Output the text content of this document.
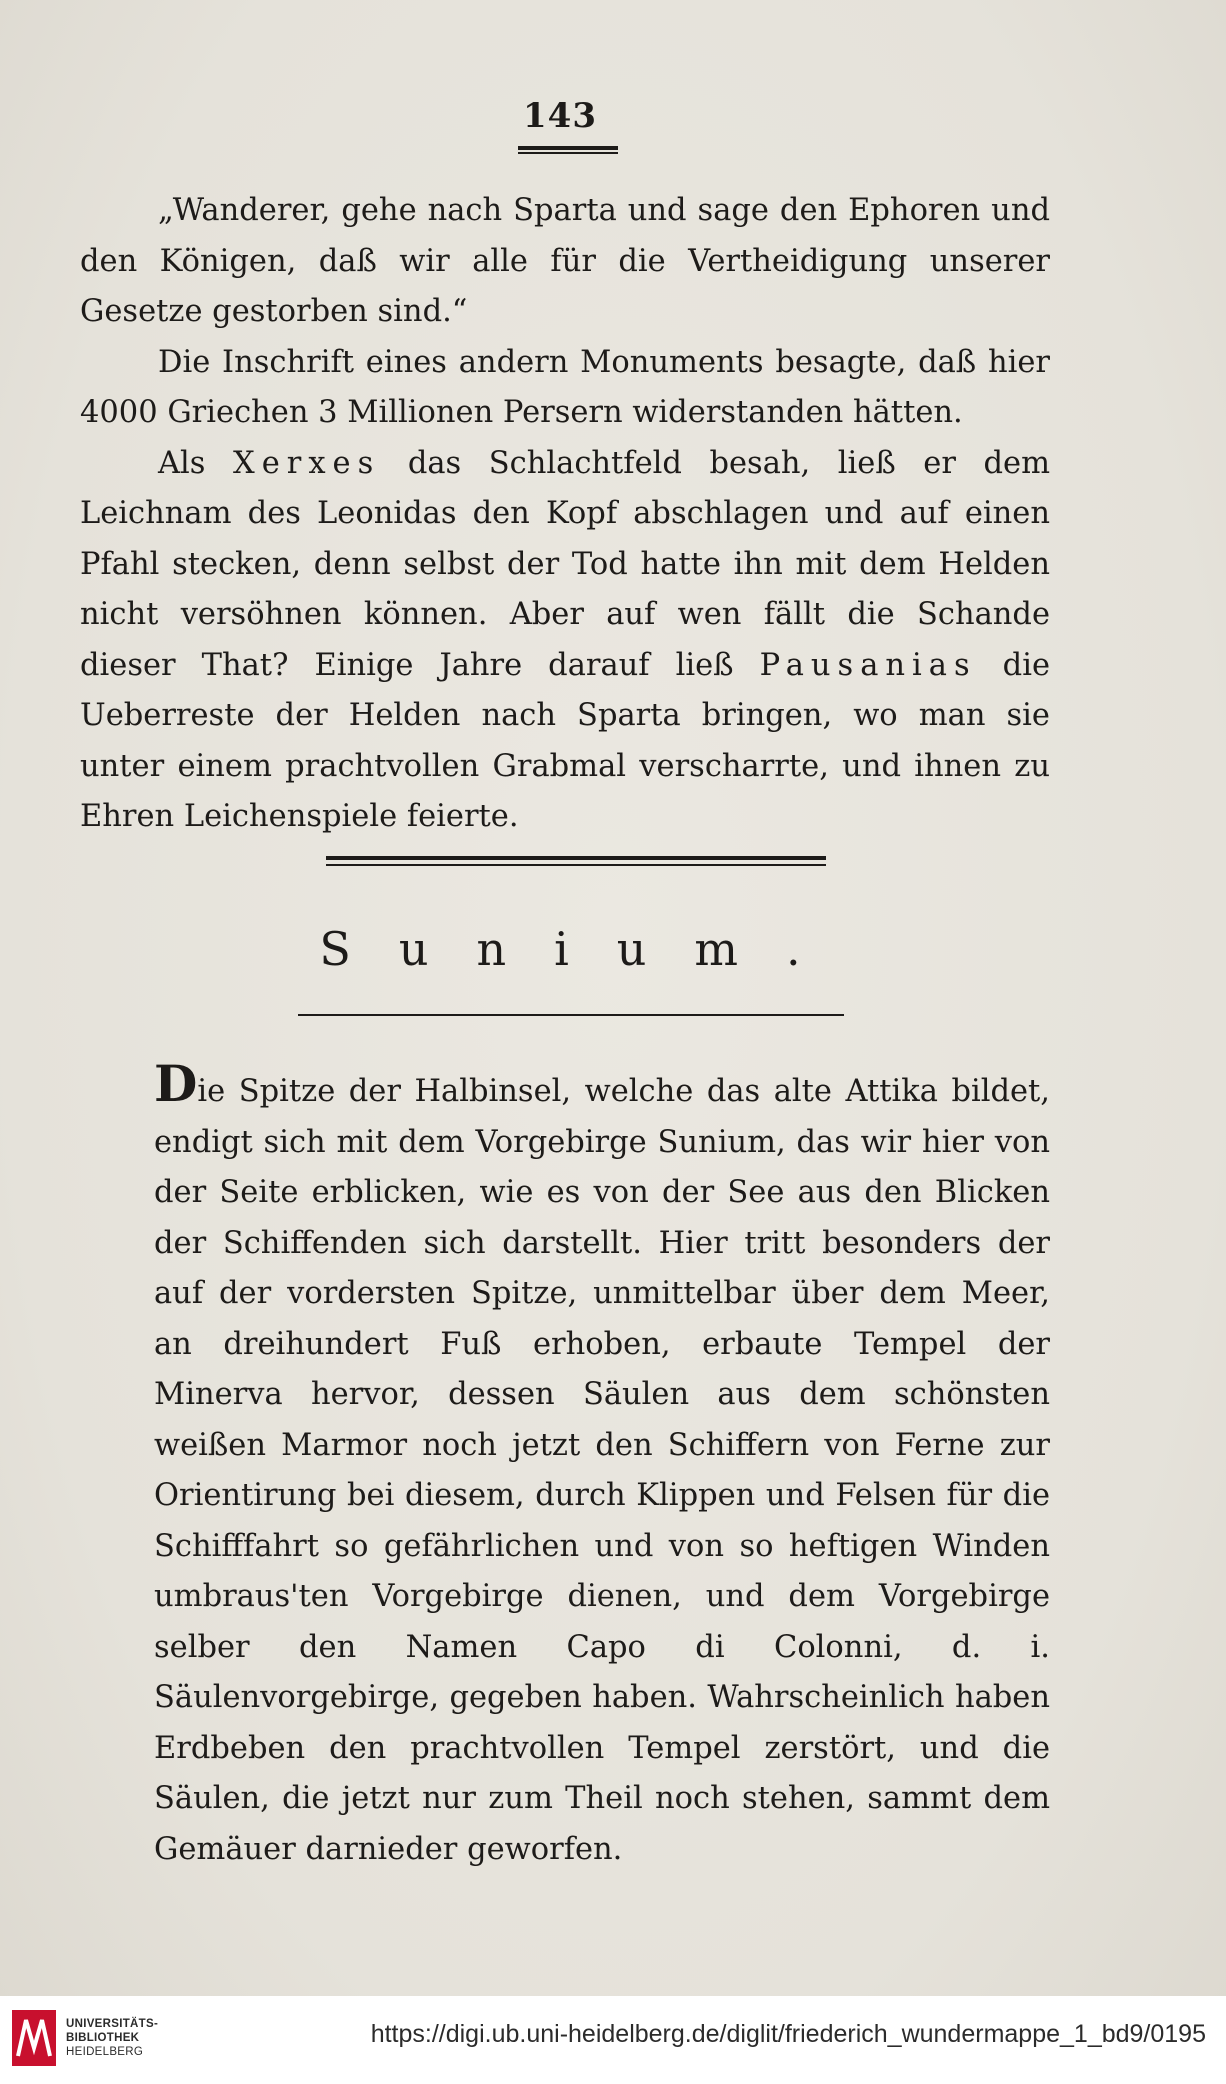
143

„Wanderer, gehe nach Sparta und sage den Ephoren und den Königen, daß wir alle für die Vertheidigung unserer Gesetze gestorben sind.“

Die Inschrift eines andern Monuments besagte, daß hier 4000 Griechen 3 Millionen Persern widerstanden hätten.

Als Xerxes das Schlachtfeld besah, ließ er dem Leichnam des Leonidas den Kopf abschlagen und auf einen Pfahl stecken, denn selbst der Tod hatte ihn mit dem Helden nicht versöhnen können. Aber auf wen fällt die Schande dieser That? Einige Jahre darauf ließ Pausanias die Ueberreste der Helden nach Sparta bringen, wo man sie unter einem prachtvollen Grabmal verscharrte, und ihnen zu Ehren Leichenspiele feierte.

Sunium.

Die Spitze der Halbinsel, welche das alte Attika bildet, endigt sich mit dem Vorgebirge Sunium, das wir hier von der Seite erblicken, wie es von der See aus den Blicken der Schiffenden sich darstellt. Hier tritt besonders der auf der vordersten Spitze, unmittelbar über dem Meer, an dreihundert Fuß erhoben, erbaute Tempel der Minerva hervor, dessen Säulen aus dem schönsten weißen Marmor noch jetzt den Schiffern von Ferne zur Orientirung bei diesem, durch Klippen und Felsen für die Schifffahrt so gefährlichen und von so heftigen Winden umbraus'ten Vorgebirge dienen, und dem Vorgebirge selber den Namen Capo di Colonni, d. i. Säulenvorgebirge, gegeben haben. Wahrscheinlich haben Erdbeben den prachtvollen Tempel zerstört, und die Säulen, die jetzt nur zum Theil noch stehen, sammt dem Gemäuer darnieder geworfen.

UNIVERSITÄTS-
BIBLIOTHEK
HEIDELBERG
https://digi.ub.uni-heidelberg.de/diglit/friederich_wundermappe_1_bd9/0195
